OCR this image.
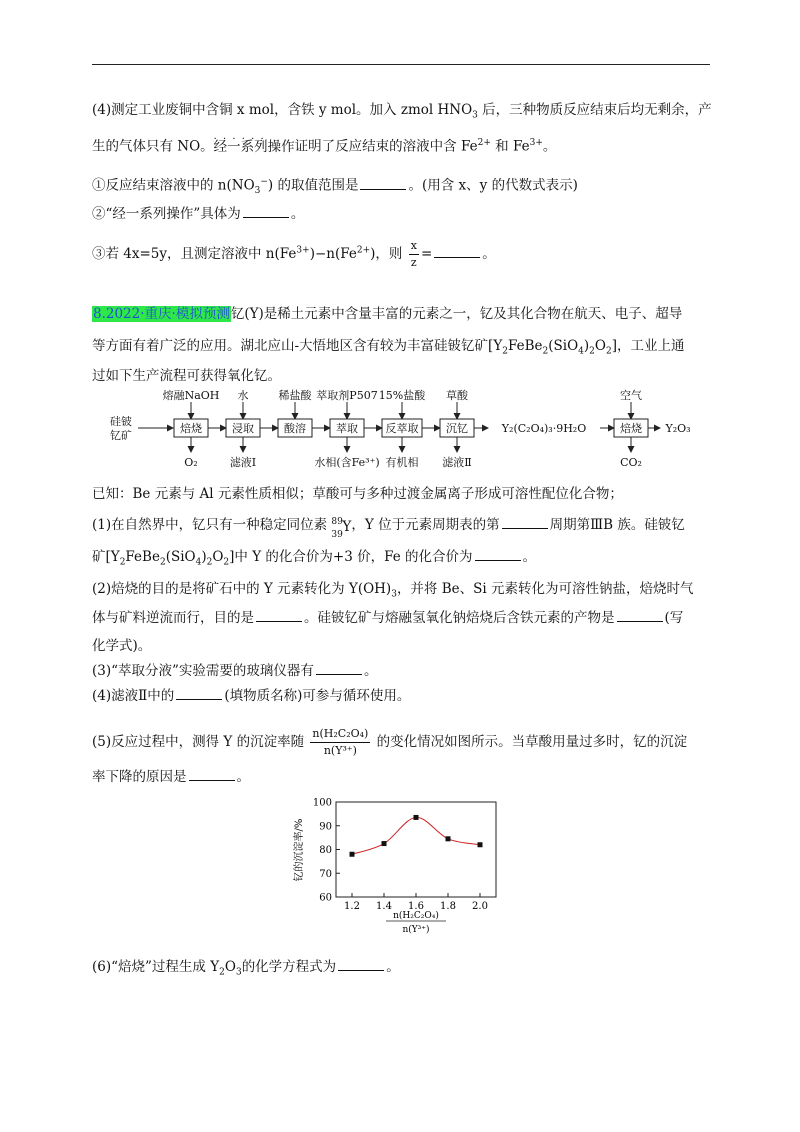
(4)测定工业废铜中含铜 x mol，含铁 y mol。加入 zmol $HNO_3$ 后，三种物质反应结束后均无剩余，产
生的气体只有 NO。经一系列操作 · · ·证明了反应结束的溶液中含 $Fe^{2+}$ 和 $Fe^{3+}$。
①反应结束溶液中的 $n(NO_3^-)$ 的取值范围是	。(用含 x、y 的代数式表示)
②“经一系列操作”具体为	。
③若 4x=5y，且测定溶液中 $n(Fe^{3+})-n(Fe^{2+})$，则 $\frac{x}{z}$ =	。
8.2022·重庆·模拟预测钇(Y)是稀土元素中含量丰富的元素之一，钇及其化合物在航天、电子、超导
等方面有着广泛的应用。湖北应山-大悟地区含有较为丰富硅铍钇矿$[Y_2FeBe_2(SiO_4)_2O_2]$，工业上通
过如下生产流程可获得氧化钇。
硅铍
钇矿
焙烧	浸取	酸溶	萃取	反萃取	沉钇	焙烧
熔融NaOH 水	稀盐酸 萃取剂P507 15%盐酸 草酸	空气
O₂	滤液Ⅰ	水相(含Fe³⁺) 有机相 滤液Ⅱ	CO₂
Y₂(C₂O₄)₃·9H₂O	Y₂O₃
已知：Be 元素与 Al 元素性质相似；草酸可与多种过渡金属离子形成可溶性配位化合物；
(1)在自然界中，钇只有一种稳定同位素 89
39 Y ，Y 位于元素周期表的第	周期第ⅢB 族。硅铍钇
矿$[Y_2FeBe_2(SiO_4)_2O_2]$中 Y 的化合价为+3 价，Fe 的化合价为	。
(2)焙烧的目的是将矿石中的 Y 元素转化为 $Y(OH)_3$，并将 Be、Si 元素转化为可溶性钠盐，焙烧时气
体与矿料逆流而行，目的是	。硅铍钇矿与熔融氢氧化钠焙烧后含铁元素的产物是	(写
化学式)。
(3)“萃取分液”实验需要的玻璃仪器有	。
(4)滤液Ⅱ中的	(填物质名称)可参与循环使用。
(5)反应过程中，测得 Y 的沉淀率随 $\frac{\text{n(H₂C₂O₄)}}{\text{n(Y³⁺)}}$ 的变化情况如图所示。当草酸用量过多时，钇的沉淀
率下降的原因是	。
1.2 1.4 1.6 1.8 2.0
60
70
80
90
100
钇的沉淀率/%
n(H₂C₂O₄)
n(Y³⁺)
(6)“焙烧”过程生成 $Y_2O_3$的化学方程式为	。
